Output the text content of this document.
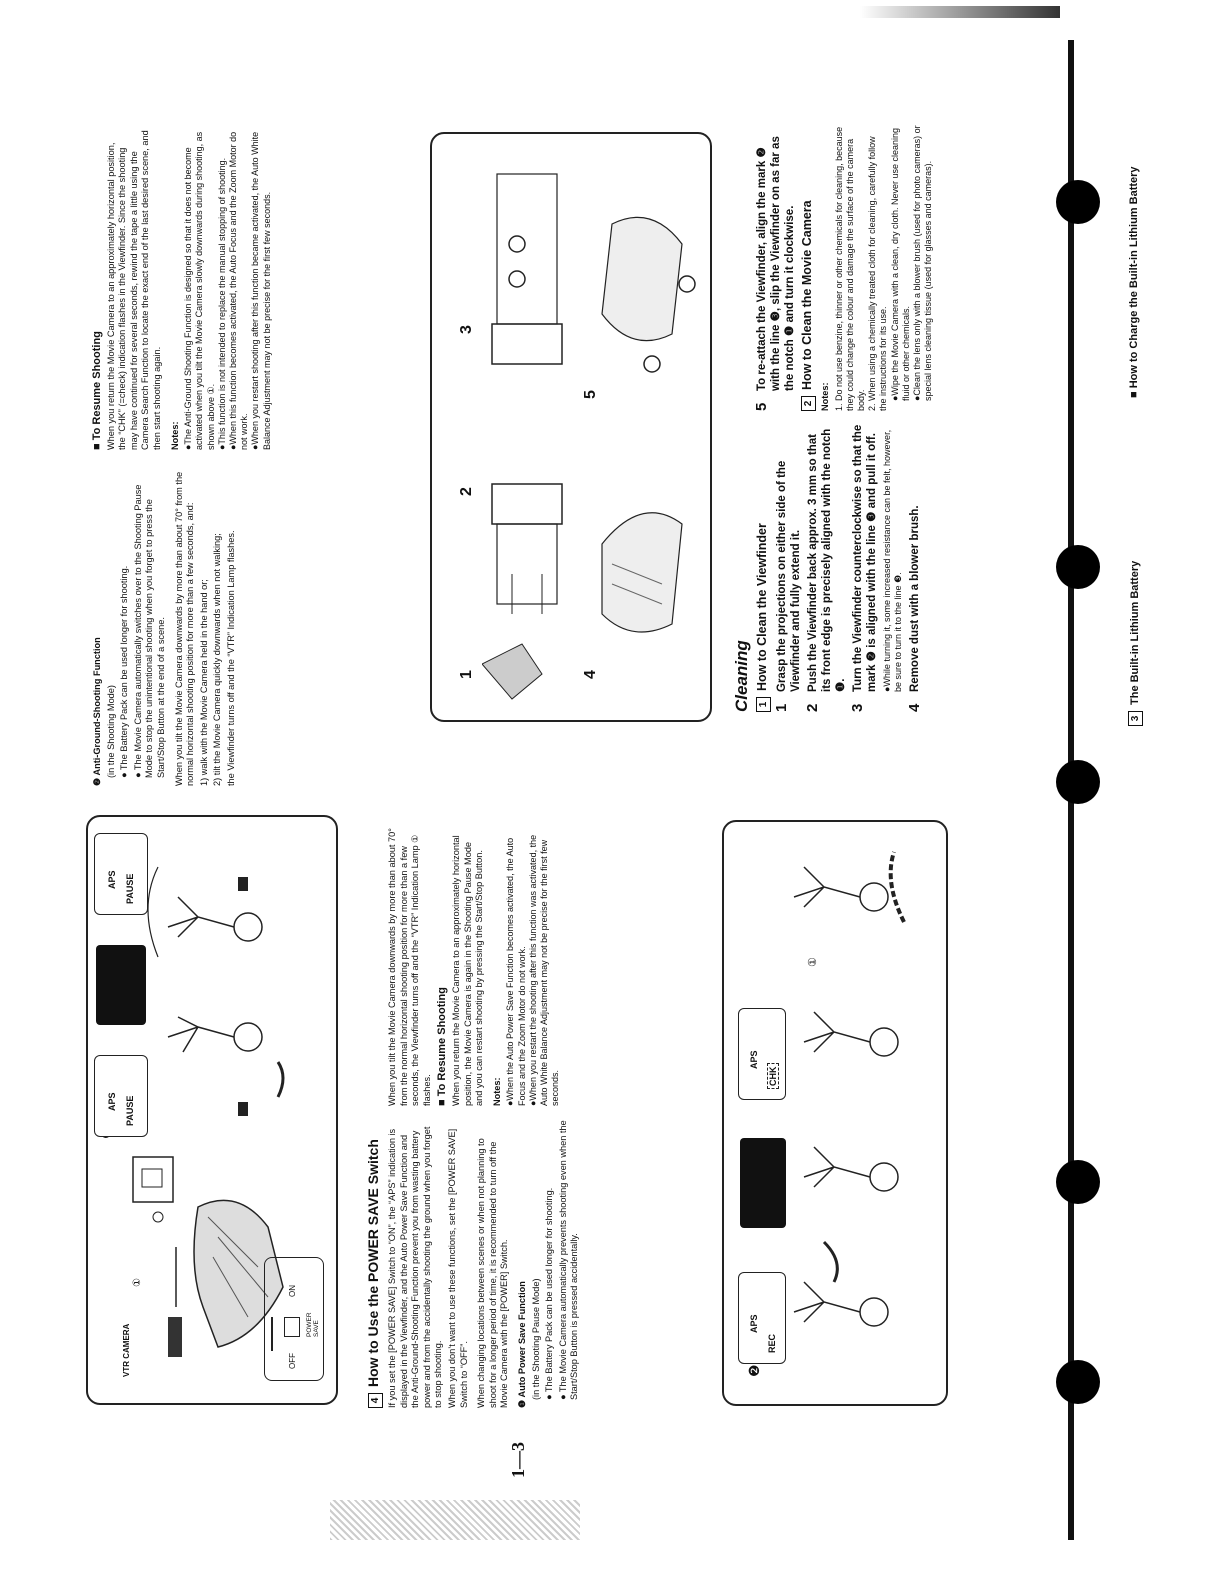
VTR CAMERA
①
OFF
ON
POWER SAVE
APS PAUSE
APS PAUSE
4How to Use the POWER SAVE Switch If you set the [POWER SAVE] Switch to “ON”, the “APS” indication is displayed in the Viewfinder, and the Auto Power Save Function and the Anti-Ground-Shooting Function prevent you from wasting battery power and from the accidentally shooting the ground when you forget to stop shooting. When you don’t want to use these functions, set the [POWER SAVE] Switch to “OFF”. When changing locations between scenes or when not planning to shoot for a longer period of time, it is recommended to turn off the Movie Camera with the [POWER] Switch. ❶ Auto Power Save Function (in the Shooting Pause Mode) ● The Battery Pack can be used longer for shooting.

● The Movie Camera automatically prevents shooting even when the Start/Stop Button is pressed accidentally.

When you tilt the Movie Camera downwards by more than about 70° from the normal horizontal shooting position for more than a few seconds, the Viewfinder turns off and the “VTR” Indication Lamp ① flashes. ■ To Resume Shooting When you return the Movie Camera to an approximately horizontal position, the Movie Camera is again in the Shooting Pause Mode and you can restart shooting by pressing the Start/Stop Button. Notes: ●When the Auto Power Save Function becomes activated, the Auto Focus and the Zoom Motor do not work. ●When you restart the shooting after this function was activated, the Auto White Balance Adjustment may not be precise for the first few seconds.

❷
APS
REC
APS
CHK
①

❷ Anti-Ground-Shooting Function (in the Shooting Mode) ● The Battery Pack can be used longer for shooting.

● The Movie Camera automatically switches over to the Shooting Pause Mode to stop the unintentional shooting when you forget to press the Start/Stop Button at the end of a scene. When you tilt the Movie Camera downwards by more than about 70° from the normal horizontal shooting position for more than a few seconds, and: 1) walk with the Movie Camera held in the hand or; 2) tilt the Movie Camera quickly downwards when not walking; the Viewfinder turns off and the “VTR” Indication Lamp flashes.

■ To Resume Shooting When you return the Movie Camera to an approximately horizontal position, the “CHK” (=check) indication flashes in the Viewfinder. Since the shooting may have continued for several seconds, rewind the tape a little using the Camera Search Function to locate the exact end of the last desired scene, and then start shooting again. Notes: ●The Anti-Ground Shooting Function is designed so that it does not become activated when you tilt the Movie Camera slowly downwards during shooting, as shown above ①. ●This function is not intended to replace the manual stopping of shooting.

●When this function becomes activated, the Auto Focus and the Zoom Motor do not work. ●When you restart shooting after this function became activated, the Auto White Balance Adjustment may not be precise for the first few seconds.

1
2
3
4
5
Cleaning 1How to Clean the Viewfinder
1
Grasp the projections on either side of the Viewfinder and fully extend it.
2
Push the Viewfinder back approx. 3 mm so that its front edge is precisely aligned with the notch ❶.
3
Turn the Viewfinder counterclockwise so that the mark ❷ is aligned with the line ❸ and pull it off. ●While turning it, some increased resistance can be felt, however, be sure to turn it to the line ❸.

4
Remove dust with a blower brush.
5
To re-attach the Viewfinder, align the mark ❷ with the line ❸, slip the Viewfinder on as far as the notch ❶ and turn it clockwise.
2How to Clean the Movie Camera

Notes: 1. Do not use benzine, thinner or other chemicals for cleaning, because they could change the colour and damage the surface of the camera body. 2. When using a chemically treated cloth for cleaning, carefully follow the instructions for its use. ●Wipe the Movie Camera with a clean, dry cloth. Never use cleaning fluid or other chemicals. ●Clean the lens only with a blower brush (used for photo cameras) or special lens cleaning tissue (used for glasses and cameras).

3The Built-in Lithium Battery
■ How to Charge the Built-in Lithium Battery
1—3
